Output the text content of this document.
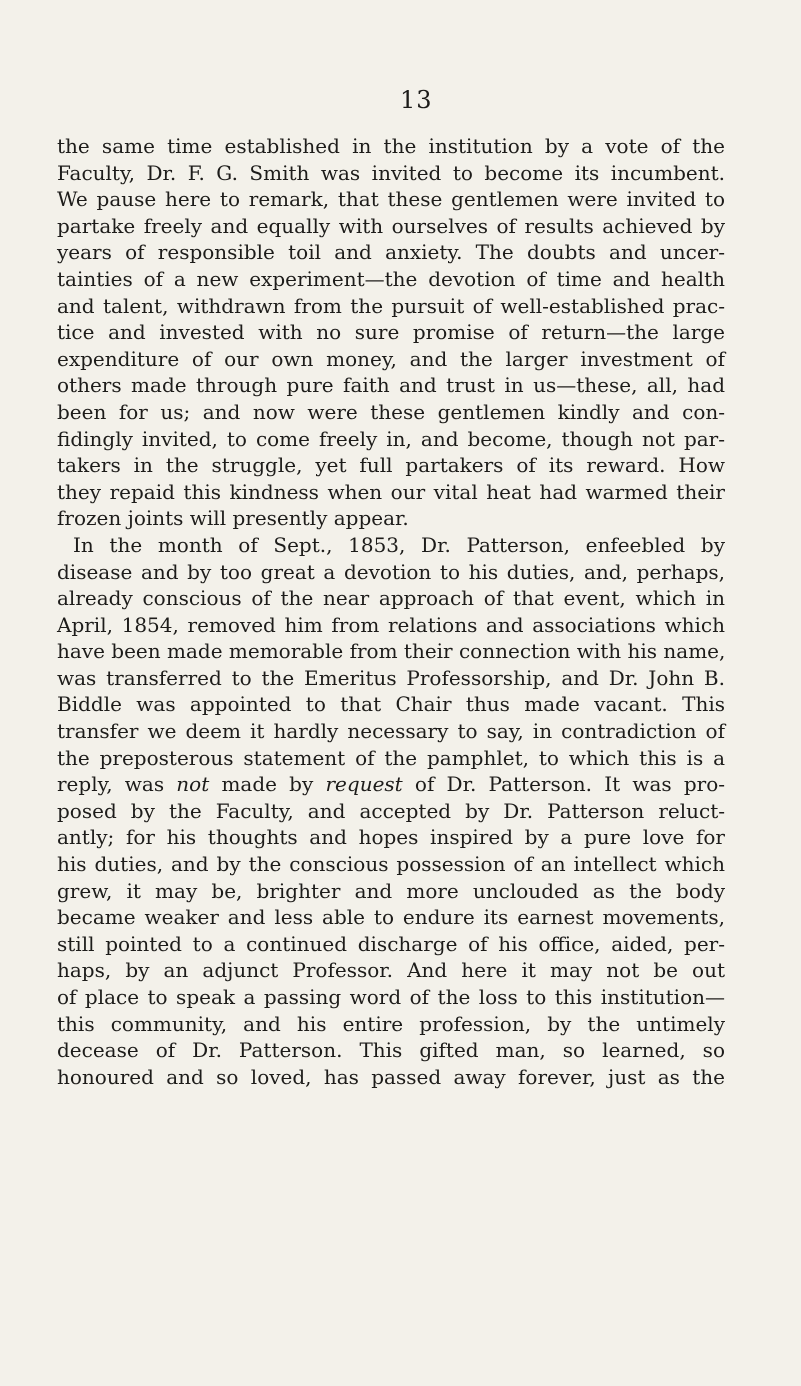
13
the same time established in the institution by a vote of the
Faculty, Dr. F. G. Smith was invited to become its incumbent.
We pause here to remark, that these gentlemen were invited to
partake freely and equally with ourselves of results achieved by
years of responsible toil and anxiety. The doubts and uncer-
tainties of a new experiment—the devotion of time and health
and talent, withdrawn from the pursuit of well-established prac-
tice and invested with no sure promise of return—the large
expenditure of our own money, and the larger investment of
others made through pure faith and trust in us—these, all, had
been for us; and now were these gentlemen kindly and con-
fidingly invited, to come freely in, and become, though not par-
takers in the struggle, yet full partakers of its reward. How
they repaid this kindness when our vital heat had warmed their
frozen joints will presently appear.
In the month of Sept., 1853, Dr. Patterson, enfeebled by
disease and by too great a devotion to his duties, and, perhaps,
already conscious of the near approach of that event, which in
April, 1854, removed him from relations and associations which
have been made memorable from their connection with his name,
was transferred to the Emeritus Professorship, and Dr. John B.
Biddle was appointed to that Chair thus made vacant. This
transfer we deem it hardly necessary to say, in contradiction of
the preposterous statement of the pamphlet, to which this is a
reply, was not made by request of Dr. Patterson. It was pro-
posed by the Faculty, and accepted by Dr. Patterson reluct-
antly; for his thoughts and hopes inspired by a pure love for
his duties, and by the conscious possession of an intellect which
grew, it may be, brighter and more unclouded as the body
became weaker and less able to endure its earnest movements,
still pointed to a continued discharge of his office, aided, per-
haps, by an adjunct Professor. And here it may not be out
of place to speak a passing word of the loss to this institution—
this community, and his entire profession, by the untimely
decease of Dr. Patterson. This gifted man, so learned, so
honoured and so loved, has passed away forever, just as the
